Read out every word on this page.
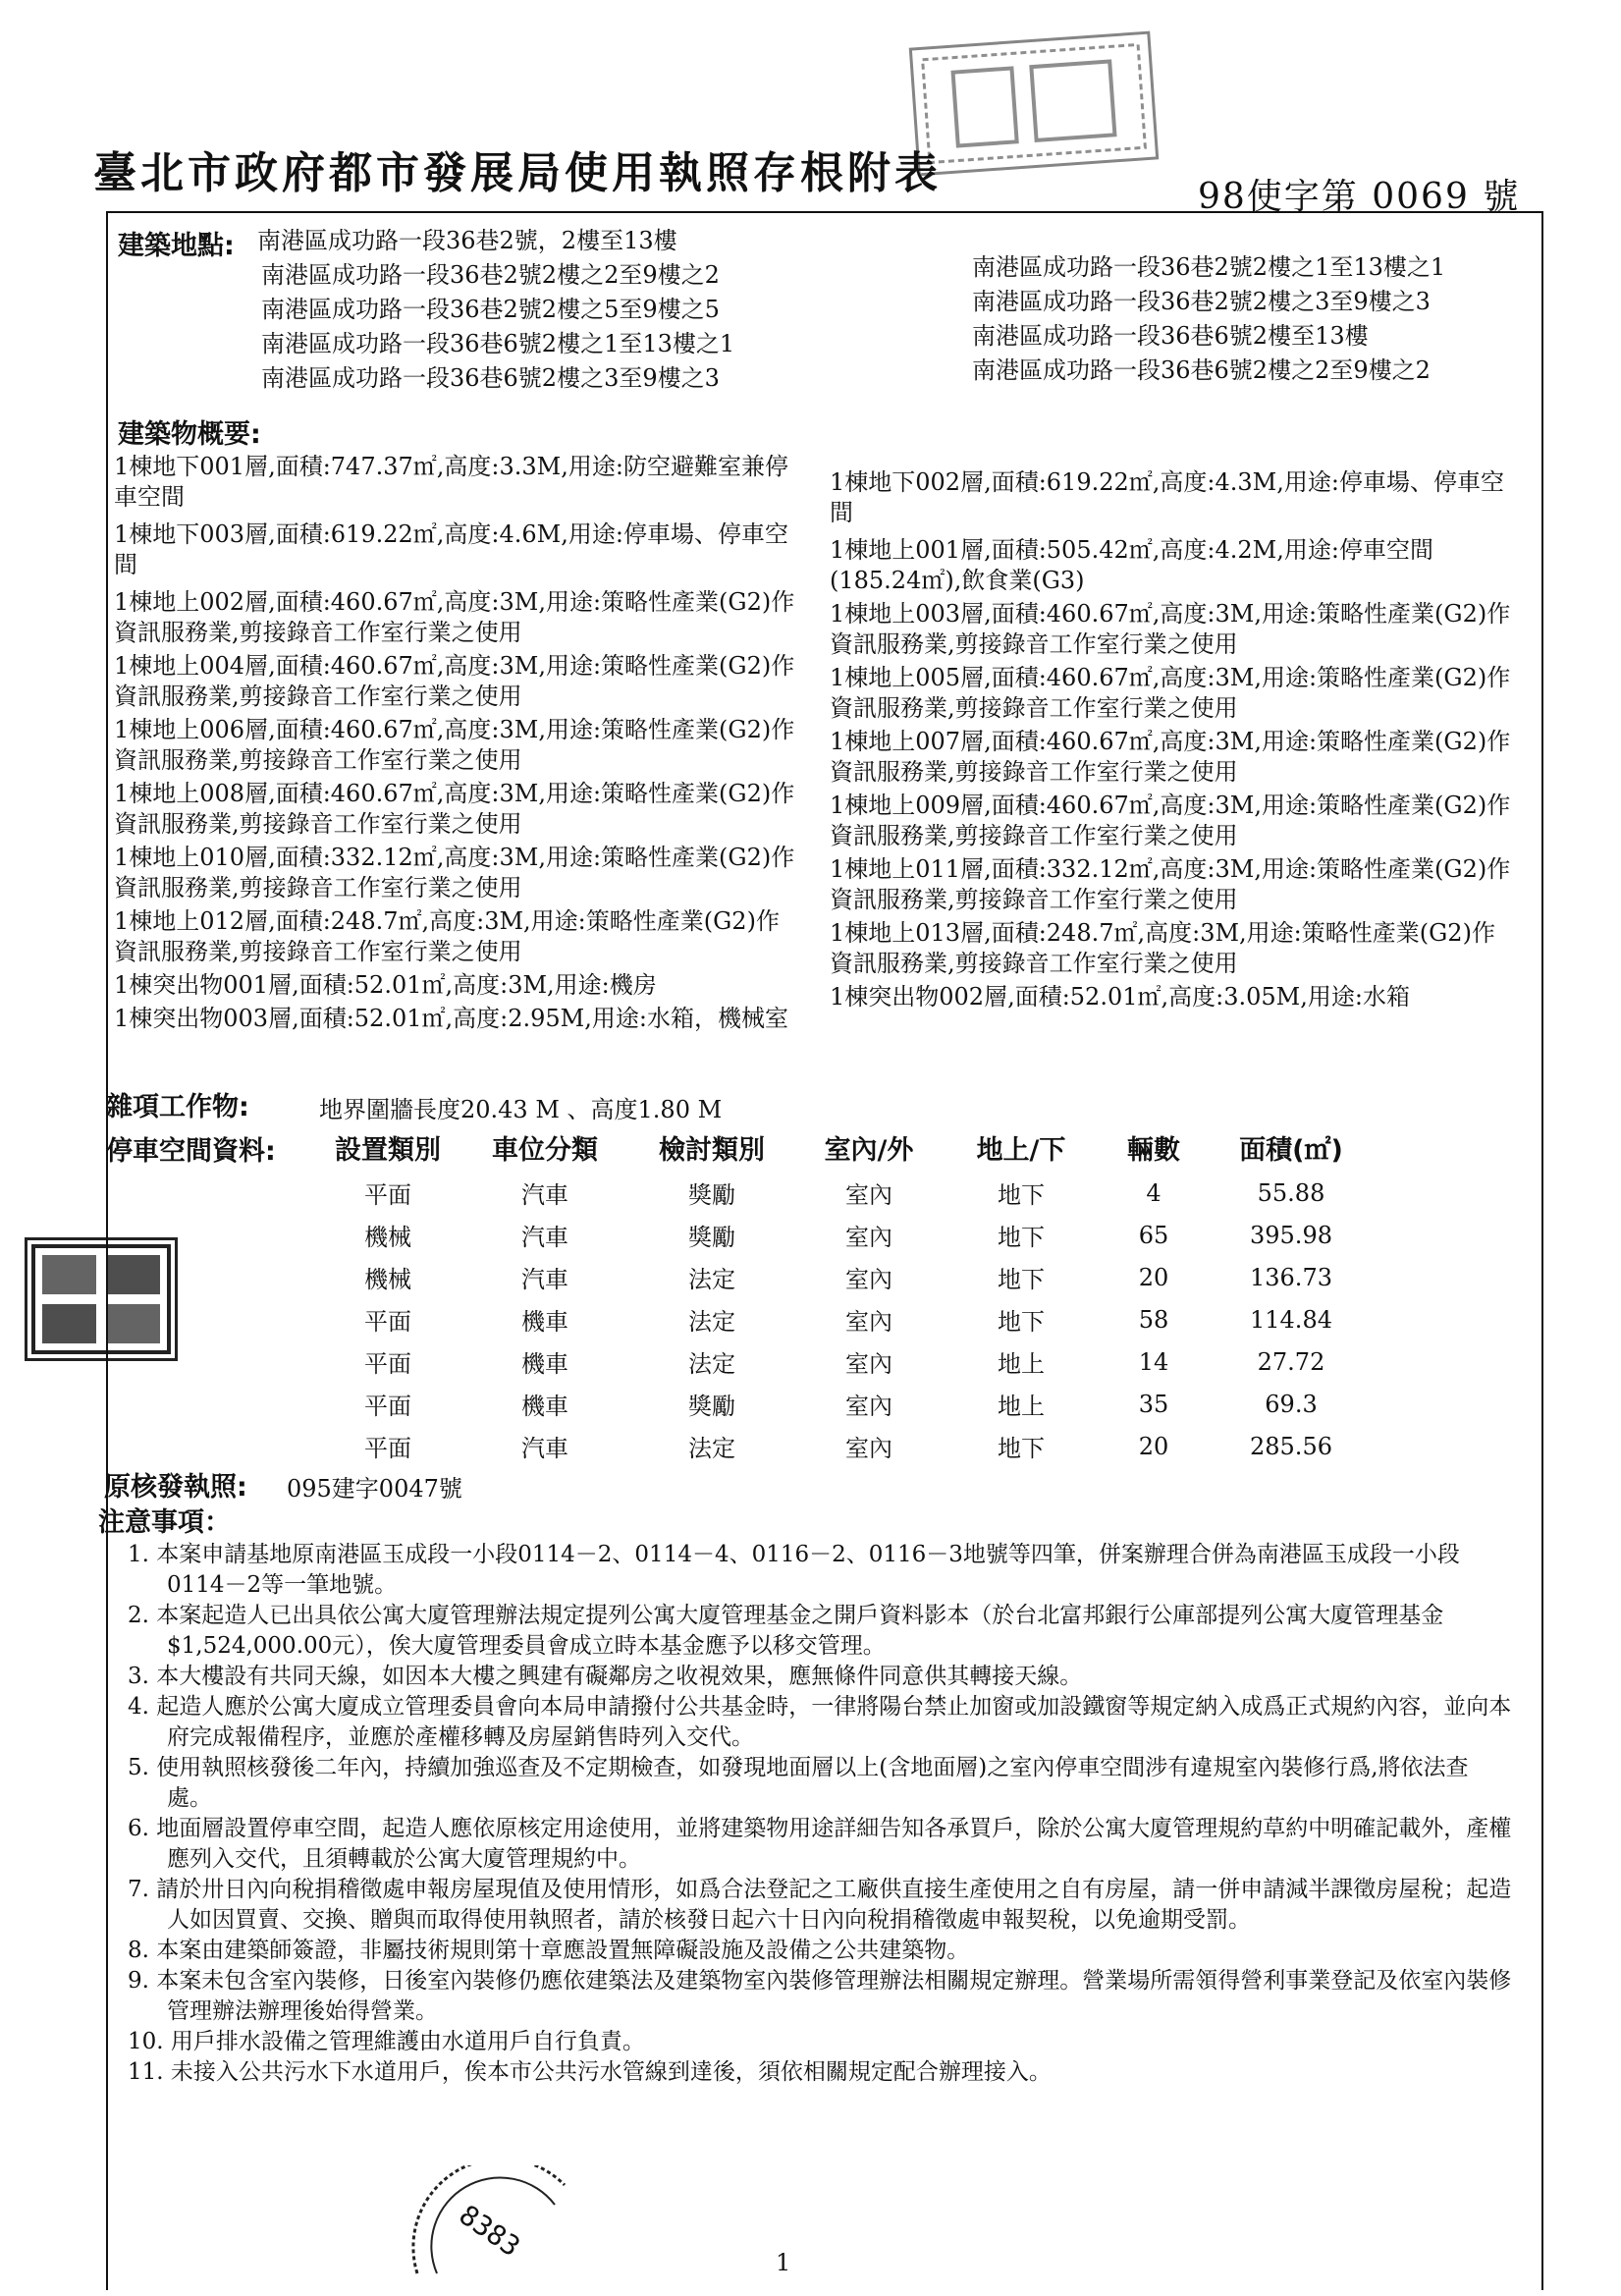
8383
臺北市政府都市發展局使用執照存根附表	98使字第 0069 號
建築地點: 南港區成功路一段36巷2號，2樓至13樓
南港區成功路一段36巷2號2樓之2至9樓之2
南港區成功路一段36巷2號2樓之5至9樓之5
南港區成功路一段36巷6號2樓之1至13樓之1
南港區成功路一段36巷6號2樓之3至9樓之3
南港區成功路一段36巷2號2樓之1至13樓之1
南港區成功路一段36巷2號2樓之3至9樓之3
南港區成功路一段36巷6號2樓至13樓
南港區成功路一段36巷6號2樓之2至9樓之2
建築物概要:

1棟地下001層,面積:747.37㎡,高度:3.3M,用途:防空避難室兼停車空間

1棟地下003層,面積:619.22㎡,高度:4.6M,用途:停車場、停車空間

1棟地上002層,面積:460.67㎡,高度:3M,用途:策略性產業(G2)作資訊服務業,剪接錄音工作室行業之使用

1棟地上004層,面積:460.67㎡,高度:3M,用途:策略性產業(G2)作資訊服務業,剪接錄音工作室行業之使用

1棟地上006層,面積:460.67㎡,高度:3M,用途:策略性產業(G2)作資訊服務業,剪接錄音工作室行業之使用

1棟地上008層,面積:460.67㎡,高度:3M,用途:策略性產業(G2)作資訊服務業,剪接錄音工作室行業之使用

1棟地上010層,面積:332.12㎡,高度:3M,用途:策略性產業(G2)作資訊服務業,剪接錄音工作室行業之使用

1棟地上012層,面積:248.7㎡,高度:3M,用途:策略性產業(G2)作資訊服務業,剪接錄音工作室行業之使用

1棟突出物001層,面積:52.01㎡,高度:3M,用途:機房

1棟突出物003層,面積:52.01㎡,高度:2.95M,用途:水箱，機械室

1棟地下002層,面積:619.22㎡,高度:4.3M,用途:停車場、停車空間

1棟地上001層,面積:505.42㎡,高度:4.2M,用途:停車空間(185.24㎡),飲食業(G3)

1棟地上003層,面積:460.67㎡,高度:3M,用途:策略性產業(G2)作資訊服務業,剪接錄音工作室行業之使用

1棟地上005層,面積:460.67㎡,高度:3M,用途:策略性產業(G2)作資訊服務業,剪接錄音工作室行業之使用

1棟地上007層,面積:460.67㎡,高度:3M,用途:策略性產業(G2)作資訊服務業,剪接錄音工作室行業之使用

1棟地上009層,面積:460.67㎡,高度:3M,用途:策略性產業(G2)作資訊服務業,剪接錄音工作室行業之使用

1棟地上011層,面積:332.12㎡,高度:3M,用途:策略性產業(G2)作資訊服務業,剪接錄音工作室行業之使用

1棟地上013層,面積:248.7㎡,高度:3M,用途:策略性產業(G2)作資訊服務業,剪接錄音工作室行業之使用

1棟突出物002層,面積:52.01㎡,高度:3.05M,用途:水箱

雜項工作物:	地界圍牆長度20.43 M 、高度1.80 M
停車空間資料: 設置類別	車位分類	檢討類別	室內/外	地上/下	輛數	面積(㎡)
平面	汽車	獎勵	室內	地下	4	55.88
機械	汽車	獎勵	室內	地下	65	395.98
機械	汽車	法定	室內	地下	20	136.73
平面	機車	法定	室內	地下	58	114.84
平面	機車	法定	室內	地上	14	27.72
平面	機車	獎勵	室內	地上	35	69.3
平面	汽車	法定	室內	地下	20	285.56
原核發執照: 095建字0047號
注意事項：

1. 本案申請基地原南港區玉成段一小段0114－2、0114－4、0116－2、0116－3地號等四筆，併案辦理合併為南港區玉成段一小段0114－2等一筆地號。

2. 本案起造人已出具依公寓大廈管理辦法規定提列公寓大廈管理基金之開戶資料影本（於台北富邦銀行公庫部提列公寓大廈管理基金$1,524,000.00元），俟大廈管理委員會成立時本基金應予以移交管理。

3. 本大樓設有共同天線，如因本大樓之興建有礙鄰房之收視效果，應無條件同意供其轉接天線。

4. 起造人應於公寓大廈成立管理委員會向本局申請撥付公共基金時，一律將陽台禁止加窗或加設鐵窗等規定納入成爲正式規約內容，並向本府完成報備程序，並應於產權移轉及房屋銷售時列入交代。

5. 使用執照核發後二年內，持續加強巡查及不定期檢查，如發現地面層以上(含地面層)之室內停車空間涉有違規室內裝修行爲,將依法查處。

6. 地面層設置停車空間，起造人應依原核定用途使用，並將建築物用途詳細告知各承買戶，除於公寓大廈管理規約草約中明確記載外，產權應列入交代，且須轉載於公寓大廈管理規約中。

7. 請於卅日內向稅捐稽徵處申報房屋現值及使用情形，如爲合法登記之工廠供直接生產使用之自有房屋，請一併申請減半課徵房屋稅；起造人如因買賣、交換、贈與而取得使用執照者，請於核發日起六十日內向稅捐稽徵處申報契稅，以免逾期受罰。

8. 本案由建築師簽證，非屬技術規則第十章應設置無障礙設施及設備之公共建築物。

9. 本案未包含室內裝修，日後室內裝修仍應依建築法及建築物室內裝修管理辦法相關規定辦理。營業場所需領得營利事業登記及依室內裝修管理辦法辦理後始得營業。

10. 用戶排水設備之管理維護由水道用戶自行負責。

11. 未接入公共污水下水道用戶，俟本市公共污水管線到達後，須依相關規定配合辦理接入。

1
